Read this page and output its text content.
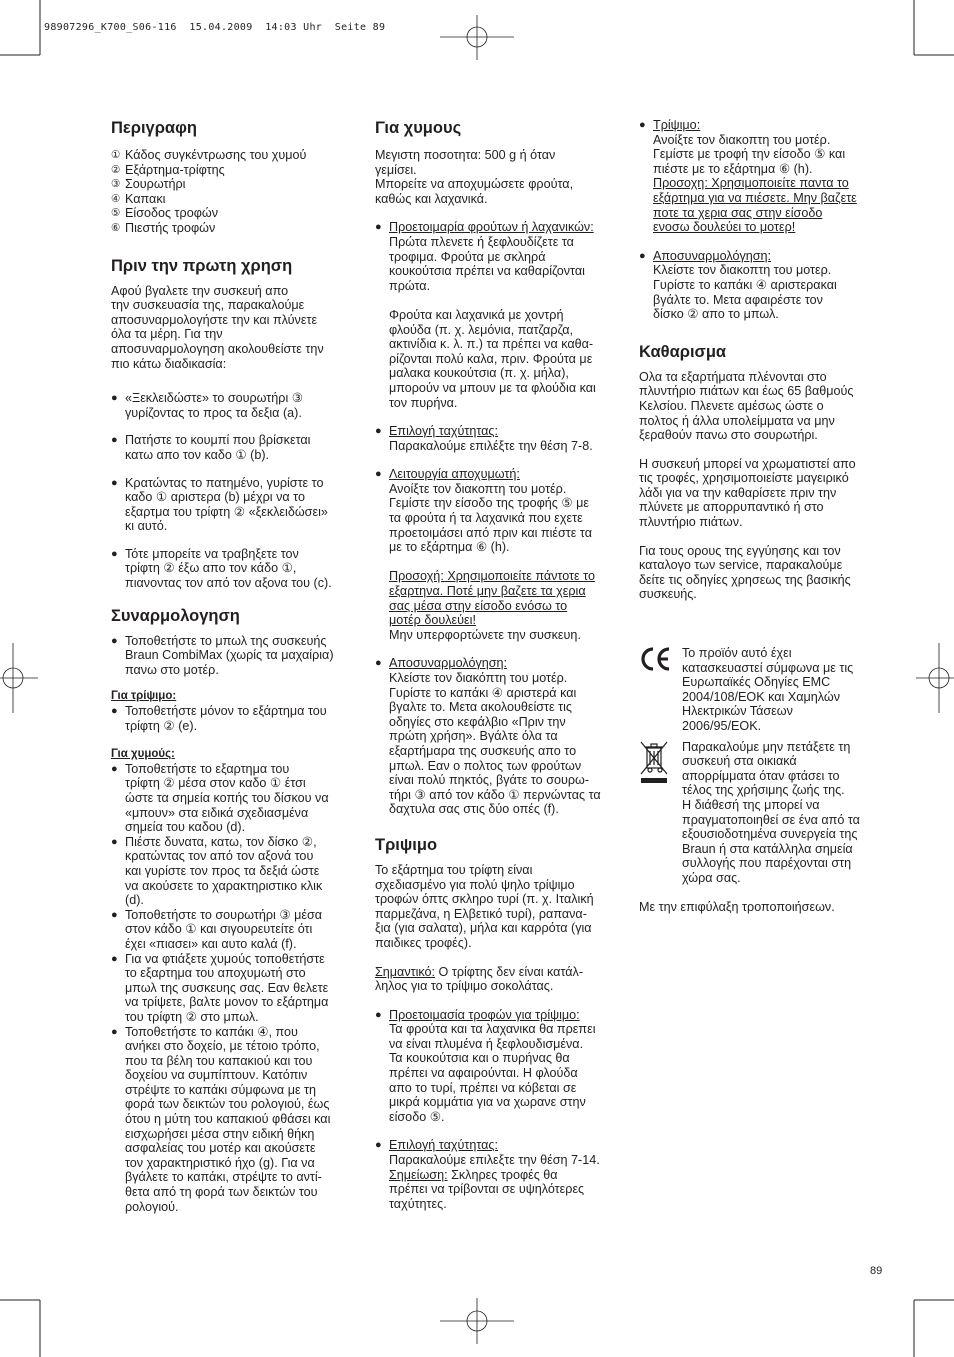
98907296_K700_S06-116  15.04.2009  14:03 Uhr  Seite 89
Περιγραφη
① Κάδος συγκέντρωσης του χυμού
② Εξάρτημα-τρίφτης
③ Σουρωτήρι
④ Καπακι
⑤ Είσοδος τροφών
⑥ Πιεστής τροφών
Πριν την πρωτη χρηση

Αφού βγαλετε την συσκευή απο
την συσκευασία της, παρακαλούμε
αποσυναρμολογήστε την και πλύνετε
όλα τα μέρη. Για την
αποσυναρμολογηση ακολουθείστε την
πιο κάτω διαδικασία:

● «Ξεκλειδώστε» το σουρωτήρι ③
γυρίζοντας το προς τα δεξια (a).
● Πατήστε το κουμπί που βρίσκεται
κατω απο τον καδο ① (b).
● Κρατώντας το πατημένο, γυρίστε το
καδο ① αριστερα (b) μέχρι να το
εξαρτμα του τρίφτη ② «ξεκλειδώσει»
κι αυτό.
● Τότε μπορείτε να τραβηξετε τον
τρίφτη ② έξω απο τον κάδο ①,
πιανοντας τον από τον αξονα του (c).
Συναρμολογηση
● Τοποθετήστε το μπωλ της συσκευής
Braun CombiMax (χωρίς τα μαχαίρια)
πανω στο μοτέρ.
Για τρίψιμο:
● Τοποθετήστε μόνον το εξάρτημα του
τρίφτη ② (e).
Για χυμούς:
● Τοποθετήστε το εξαρτημα του
τρίφτη ② μέσα στον καδο ① έτσι
ώστε τα σημεία κοπής του δίσκου να
«μπουν» στα ειδικά σχεδιασμένα
σημεία του καδου (d).
● Πιέστε δυνατα, κατω, τον δίσκο ②,
κρατώντας τον από τον αξονά του
και γυρίστε τον προς τα δεξιά ώστε
να ακούσετε το χαρακτηριστικο κλικ
(d).
● Τοποθετήστε το σουρωτήρι ③ μέσα
στον κάδο ① και σιγουρευτείτε ότι
έχει «πιασει» και αυτο καλά (f).
● Για να φτιάξετε χυμούς τοποθετήστε
το εξαρτημα του αποχυμωτή στο
μπωλ της συσκευης σας. Εαν θελετε
να τρίψετε, βαλτε μονον το εξάρτημα
του τρίφτη ② στο μπωλ.
● Τοποθετήστε το καπάκι ④, που
ανήκει στο δοχείο, με τέτοιο τρόπο,
που τα βέλη του καπακιού και του
δοχείου να συμπίπτουν. Κατόπιν
στρέψτε το καπάκι σύμφωνα με τη
φορά των δεικτών του ρολογιού, έως
ότου η μύτη του καπακιού φθάσει και
εισχωρήσει μέσα στην ειδική θήκη
ασφαλείας του μοτέρ και ακούσετε
τον χαρακτηριστικό ήχο (g). Για να
βγάλετε το καπάκι, στρέψτε το αντί-
θετα από τη φορά των δεικτών του
ρολογιού.
Για χυμους

Μεγιστη ποσοτητα: 500 g ή όταν
γεμίσει.
Μπορείτε να αποχυμώσετε φρούτα,
καθώς και λαχανικά.

● Προετοιμαρία φρούτων ή λαχανικών:
Πρώτα πλενετε ή ξεφλουδίζετε τα
τροφιμα. Φρούτα με σκληρά
κουκούτσια πρέπει να καθαρίζονται
πρώτα.
Φρούτα και λαχανικά με χοντρή
φλούδα (π. χ. λεμόνια, πατζαρζα,
ακτινίδια κ. λ. π.) τα πρέπει να καθα-
ρίζονται πολύ καλα, πριν. Φρούτα με
μαλακα κουκούτσια (π. χ. μήλα),
μπορούν να μπουν με τα φλούδια και
τον πυρήνα.
● Επιλογή ταχύτητας:
Παρακαλούμε επιλέξτε την θέση 7-8.
● Λειτουργία αποχυμωτή:
Ανοίξτε τον διακοπτη του μοτέρ.
Γεμίστε την είσοδο της τροφής ⑤ με
τα φρούτα ή τα λαχανικά που εχετε
προετοιμάσει από πριν και πιέστε τα
με το εξάρτημα ⑥ (h).
Προσοχή: Χρησιμοποιείτε πάντοτε το
εξαρτηνα. Ποτέ μην βαζετε τα χερια
σας μέσα στην είσοδο ενόσω το
μοτέρ δουλεύει!
Μην υπερφορτώνετε την συσκευη.
● Αποσυναρμολόγηση:
Κλείστε τον διακόπτη του μοτέρ.
Γυρίστε το καπάκι ④ αριστερά και
βγαλτε το. Μετα ακολουθείστε τις
οδηγίες στο κεφάλβιο «Πριν την
πρώτη χρήση». Βγάλτε όλα τα
εξαρτήμαρα της συσκευής απο το
μπωλ. Εαν ο πολτος των φρούτων
είναι πολύ πηκτός, βγάτε το σουρω-
τήρι ③ από τον κάδο ① περνώντας τα
δαχτυλα σας στις δύο οπές (f).
Τριψιμο

Το εξάρτημα του τρίφτη είναι
σχεδιασμένο για πολύ ψηλο τρίψιμο
τροφών όπτς σκληρο τυρί (π. χ. Ιταλική
παρμεζάνα, η Ελβετικό τυρί), ραπανα-
ξια (για σαλατα), μήλα και καρρότα (για
παιδικες τροφές).

Σημαντικό: Ο τρίφτης δεν είναι κατάλ-
ληλος για το τρίψιμο σοκολάτας.

● Προετοιμασία τροφών για τρίψιμο:
Τα φρούτα και τα λαχανικα θα πρεπει
να είναι πλυμένα ή ξεφλουδισμένα.
Τα κουκούτσια και ο πυρήνας θα
πρέπει να αφαιρούνται. Η φλούδα
απο το τυρί, πρέπει να κόβεται σε
μικρά κομμάτια για να χωρανε στην
είσοδο ⑤.
● Επιλογή ταχύτητας:
Παρακαλούμε επιλεξτε την θέση 7-14.
Σημείωση: Σκληρες τροφές θα
πρέπει να τρίβονται σε υψηλότερες
ταχύτητες.
● Τρίψιμο:
Ανοίξτε τον διακοπτη του μοτέρ.
Γεμίστε με τροφή την είσοδο ⑤ και
πιέστε με το εξάρτημα ⑥ (h).
Προσοχη: Χρησιμοποιείτε παντα το
εξάρτημα για να πιέσετε. Μην βαζετε
ποτε τα χερια σας στην είσοδο
ενοσω δουλεύει το μοτερ!
● Αποσυναρμολόγηση:
Κλείστε τον διακοπτη του μοτερ.
Γυρίστε το καπάκι ④ αριστερακαι
βγάλτε το. Μετα αφαιρέστε τον
δίσκο ② απο το μπωλ.
Καθαρισμα

Ολα τα εξαρτήματα πλένονται στο
πλυντήριο πιάτων και έως 65 βαθμούς
Κελσίου. Πλενετε αμέσως ώστε ο
πολτος ή άλλα υπολείμματα να μην
ξεραθούν πανω στο σουρωτήρι.

Η συσκευή μπορεί να χρωματιστεί απο
τις τροφές, χρησιμοποιείστε μαγειρικό
λάδι για να την καθαρίσετε πριν την
πλύνετε με απορρυπαντικό ή στο
πλυντήριο πιάτων.

Για τους ορους της εγγύησης και τον
καταλογο των service, παρακαλούμε
δείτε τις οδηγίες χρησεως της βασικής
συσκευής.

Το προϊόν αυτό έχει
κατασκευαστεί σύμφωνα με τις
Ευρωπαϊκές Οδηγίες EMC
2004/108/EOK και Χαμηλών
Ηλεκτρικών Τάσεων
2006/95/EOK.
Παρακαλούμε μην πετάξετε τη
συσκευή στα οικιακά
απορρίμματα όταν φτάσει το
τέλος της χρήσιμης ζωής της.
Η διάθεσή της μπορεί να
πραγματοποιηθεί σε ένα από τα
εξουσιοδοτημένα συνεργεία της
Braun ή στα κατάλληλα σημεία
συλλογής που παρέχονται στη
χώρα σας.

Με την επιφύλαξη τροποποιήσεων.

89
